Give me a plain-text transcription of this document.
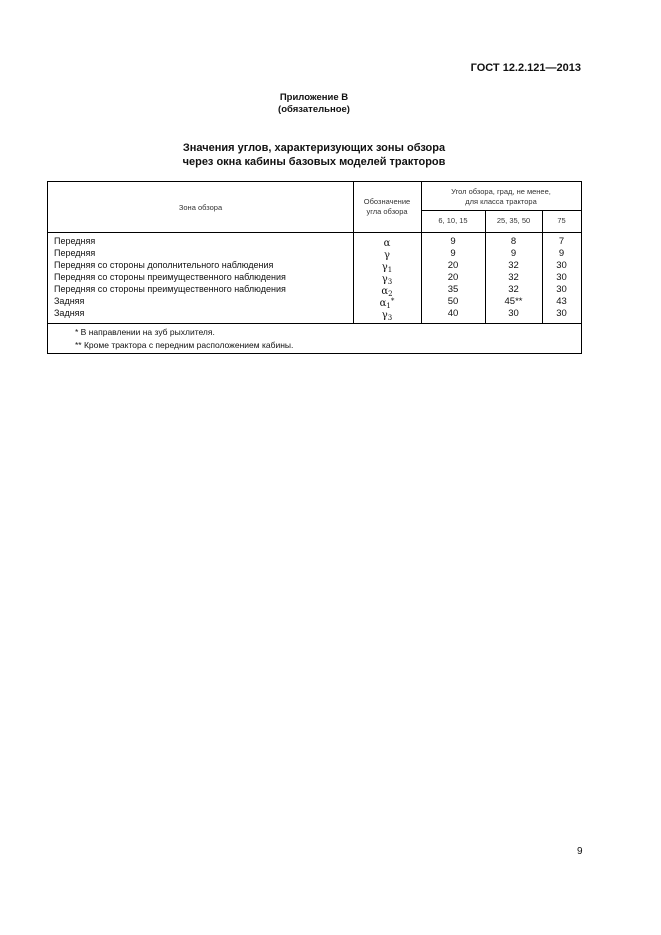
ГОСТ 12.2.121—2013
Приложение В
(обязательное)
Значения углов, характеризующих зоны обзора
через окна кабины базовых моделей тракторов
Зона обзора
Обозначение
угла обзора
Угол обзора, град, не менее,
для класса трактора
6, 10, 15	25, 35, 50	75
Передняя	α	9	8	7
Передняя	γ	9	9	9
Передняя со стороны дополнительного наблюдения	$\gamma_1$	20	32	30
Передняя со стороны преимущественного наблюдения	$\gamma_3$	20	32	30
Передняя со стороны преимущественного наблюдения	$\alpha_2$	35	32	30
Задняя	$\alpha_1^*$	50	45**	43
Задняя	$\gamma_3$	40	30	30
* В направлении на зуб рыхлителя.
** Кроме трактора с передним расположением кабины.
9
